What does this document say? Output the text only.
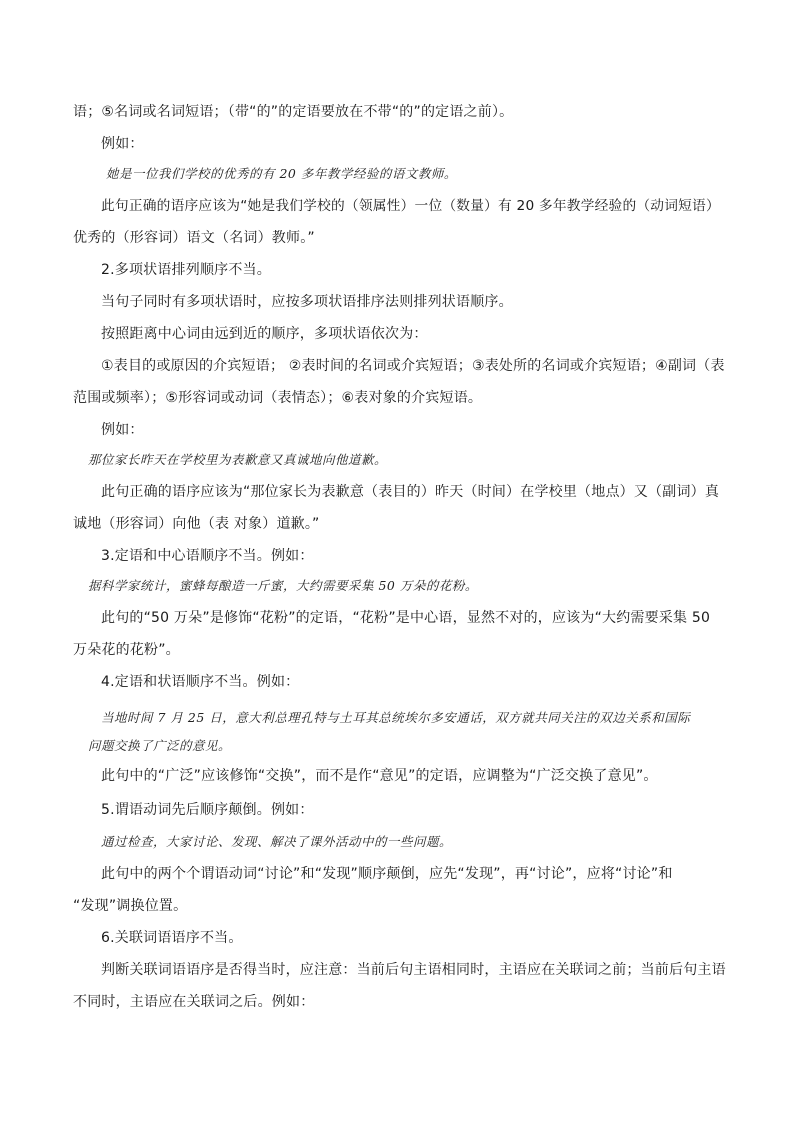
语；⑤名词或名词短语；（带“的”的定语要放在不带“的”的定语之前）。
例如：
她是一位我们学校的优秀的有 20 多年教学经验的语文教师。
此句正确的语序应该为“她是我们学校的（领属性）一位（数量）有 20 多年教学经验的（动词短语）
优秀的（形容词）语文（名词）教师。”
2.多项状语排列顺序不当。
当句子同时有多项状语时，应按多项状语排序法则排列状语顺序。
按照距离中心词由远到近的顺序，多项状语依次为：
①表目的或原因的介宾短语； ②表时间的名词或介宾短语；③表处所的名词或介宾短语；④副词（表
范围或频率）；⑤形容词或动词（表情态）；⑥表对象的介宾短语。
例如：
那位家长昨天在学校里为表歉意又真诚地向他道歉。
此句正确的语序应该为“那位家长为表歉意（表目的）昨天（时间）在学校里（地点）又（副词）真
诚地（形容词）向他（表 对象）道歉。”
3.定语和中心语顺序不当。例如：
据科学家统计，蜜蜂每酿造一斤蜜，大约需要采集 50 万朵的花粉。
此句的“50 万朵”是修饰“花粉”的定语，“花粉”是中心语，显然不对的，应该为“大约需要采集 50
万朵花的花粉”。
4.定语和状语顺序不当。例如：
当地时间 7 月 25 日，意大利总理孔特与土耳其总统埃尔多安通话，双方就共同关注的双边关系和国际
问题交换了广泛的意见。
此句中的“广泛”应该修饰“交换”，而不是作“意见”的定语，应调整为“广泛交换了意见”。
5.谓语动词先后顺序颠倒。例如：
通过检查，大家讨论、发现、解决了课外活动中的一些问题。
此句中的两个个谓语动词“讨论”和“发现”顺序颠倒，应先“发现”，再“讨论”，应将“讨论”和
“发现”调换位置。
6.关联词语语序不当。
判断关联词语语序是否得当时，应注意：当前后句主语相同时，主语应在关联词之前；当前后句主语
不同时，主语应在关联词之后。例如：
